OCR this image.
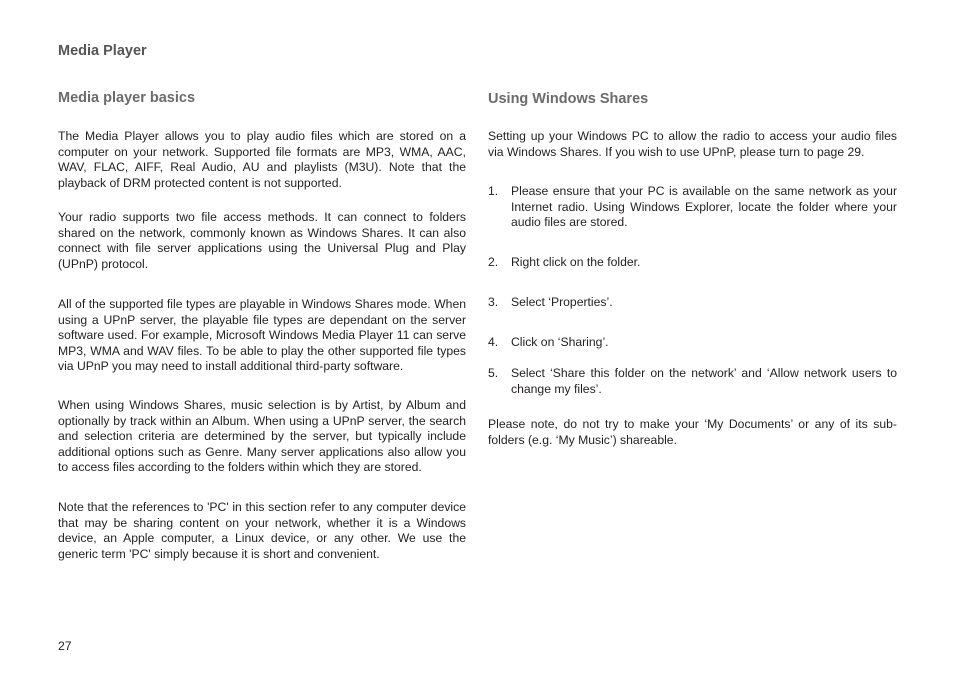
Media Player
Media player basics

The Media Player allows you to play audio files which are stored on a computer on your network. Supported file formats are MP3, WMA, AAC, WAV, FLAC, AIFF, Real Audio, AU and playlists (M3U). Note that the playback of DRM protected content is not supported.

Your radio supports two file access methods. It can connect to folders shared on the network, commonly known as Windows Shares. It can also connect with file server applications using the Universal Plug and Play (UPnP) protocol.

All of the supported file types are playable in Windows Shares mode. When using a UPnP server, the playable file types are dependant on the server software used. For example, Microsoft Windows Media Player 11 can serve MP3, WMA and WAV files. To be able to play the other supported file types via UPnP you may need to install additional third-party software.

When using Windows Shares, music selection is by Artist, by Album and optionally by track within an Album. When using a UPnP server, the search and selection criteria are determined by the server, but typically include additional options such as Genre. Many server applications also allow you to access files according to the folders within which they are stored.

Note that the references to 'PC' in this section refer to any computer device that may be sharing content on your network, whether it is a Windows device, an Apple computer, a Linux device, or any other. We use the generic term 'PC' simply because it is short and convenient.

Using Windows Shares

Setting up your Windows PC to allow the radio to access your audio files via Windows Shares. If you wish to use UPnP, please turn to page 29.

1.	Please ensure that your PC is available on the same network as your Internet radio. Using Windows Explorer, locate the folder where your audio files are stored.
2.	Right click on the folder.
3.	Select ‘Properties’.
4.	Click on ‘Sharing’.
5.	Select ‘Share this folder on the network’ and ‘Allow network users to change my files’.

Please note, do not try to make your ‘My Documents’ or any of its sub-folders (e.g. ‘My Music’) shareable.

27
